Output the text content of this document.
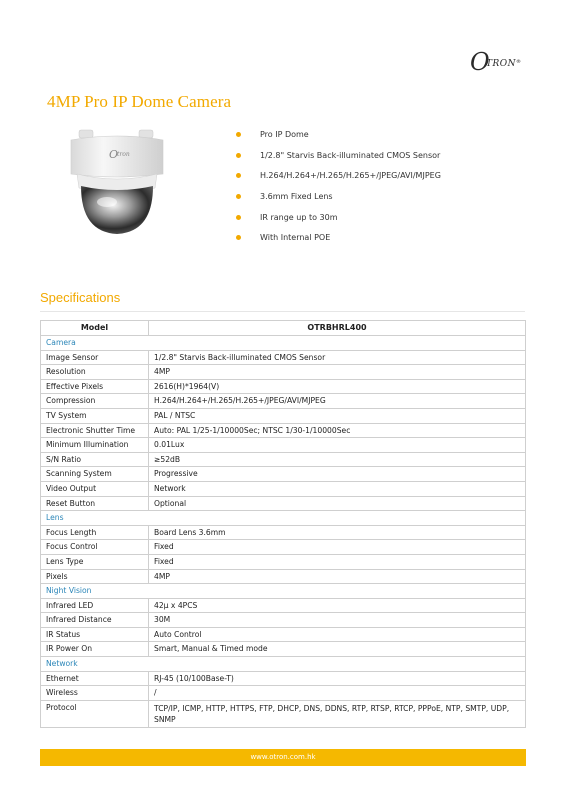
O
TRON®
4MP Pro IP Dome Camera
O
tron
Pro IP Dome
1/2.8" Starvis Back-illuminated CMOS Sensor
H.264/H.264+/H.265/H.265+/JPEG/AVI/MJPEG
3.6mm Fixed Lens
IR range up to 30m
With Internal POE
Specifications
Model	OTRBHRL400
Camera	
Image Sensor	1/2.8" Starvis Back-illuminated CMOS Sensor
Resolution	4MP
Effective Pixels	2616(H)*1964(V)
Compression	H.264/H.264+/H.265/H.265+/JPEG/AVI/MJPEG
TV System	PAL / NTSC
Electronic Shutter Time	Auto: PAL 1/25-1/10000Sec; NTSC 1/30-1/10000Sec
Minimum Illumination	0.01Lux
S/N Ratio	≥52dB
Scanning System	Progressive
Video Output	Network
Reset Button	Optional
Lens	
Focus Length	Board Lens 3.6mm
Focus Control	Fixed
Lens Type	Fixed
Pixels	4MP
Night Vision	
Infrared LED	42μ x 4PCS
Infrared Distance	30M
IR Status	Auto Control
IR Power On	Smart, Manual & Timed mode
Network	
Ethernet	RJ-45 (10/100Base-T)
Wireless	/
Protocol	TCP/IP, ICMP, HTTP, HTTPS, FTP, DHCP, DNS, DDNS, RTP, RTSP, RTCP, PPPoE, NTP, SMTP, UDP, SNMP
www.otron.com.hk
